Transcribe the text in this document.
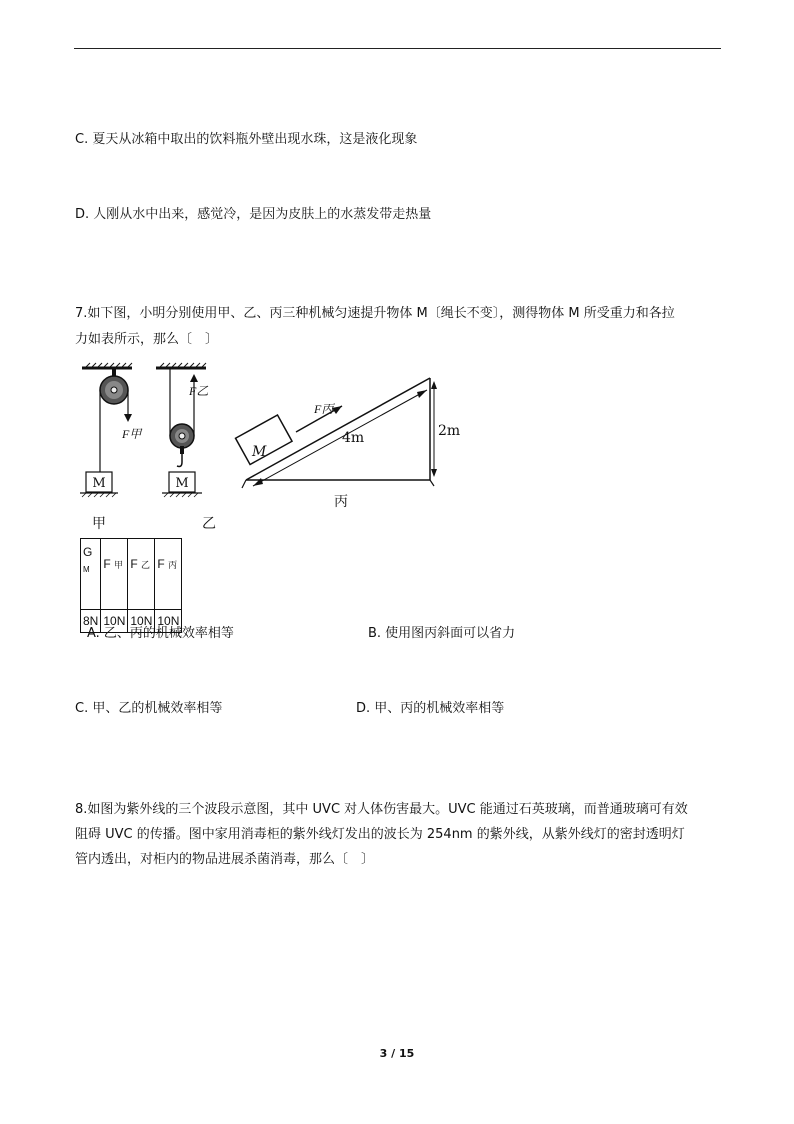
C. 夏天从冰箱中取出的饮料瓶外壁出现水珠，这是液化现象
D. 人刚从水中出来，感觉冷，是因为皮肤上的水蒸发带走热量
7.如下图，小明分别使用甲、乙、丙三种机械匀速提升物体 M〔绳长不变〕，测得物体 M 所受重力和各拉
力如表所示，那么〔　〕
M
F甲
甲
M
F乙
乙
M
4m	2m
F丙
丙
G
M	F 甲	F 乙	F 丙
8N	10N	10N	10N
A. 乙、丙的机械效率相等	B. 使用图丙斜面可以省力
C. 甲、乙的机械效率相等	D. 甲、丙的机械效率相等
8.如图为紫外线的三个波段示意图，其中 UVC 对人体伤害最大。UVC 能通过石英玻璃，而普通玻璃可有效
阻碍 UVC 的传播。图中家用消毒柜的紫外线灯发出的波长为 254nm 的紫外线，从紫外线灯的密封透明灯
管内透出，对柜内的物品进展杀菌消毒，那么〔　〕
3 / 15
